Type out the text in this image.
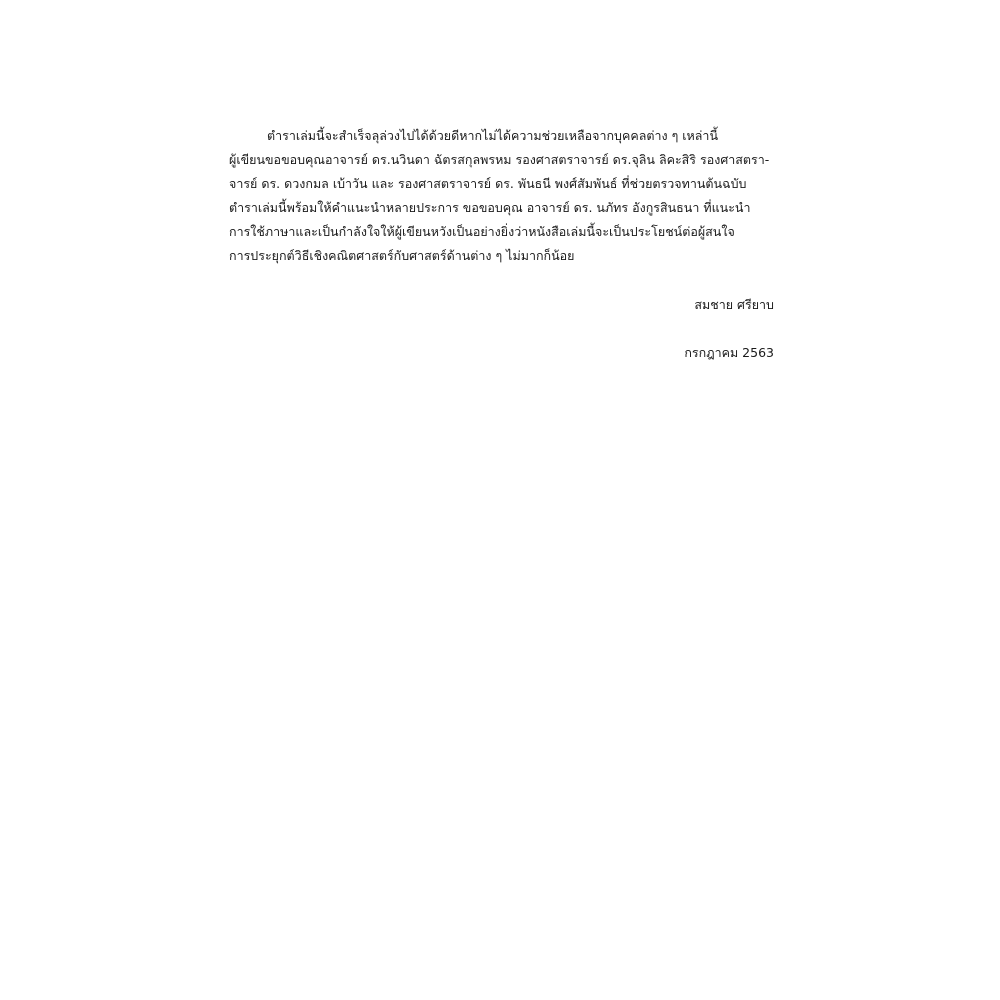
ตำราเล่มนี้จะสำเร็จลุล่วงไปได้ด้วยดีหากไม่ได้ความช่วยเหลือจากบุคคลต่าง ๆ เหล่านี้
ผู้เขียนขอขอบคุณอาจารย์ ดร.นวินดา ฉัตรสกุลพรหม รองศาสตราจารย์ ดร.จุลิน ลิคะสิริ รองศาสตรา-
จารย์ ดร. ดวงกมล เบ้าวัน และ รองศาสตราจารย์ ดร. พันธนี พงศ์สัมพันธ์ ที่ช่วยตรวจทานต้นฉบับ
ตำราเล่มนี้พร้อมให้คำแนะนำหลายประการ ขอขอบคุณ อาจารย์ ดร. นภัทร อังกูรสินธนา ที่แนะนำ
การใช้ภาษาและเป็นกำลังใจให้ผู้เขียนหวังเป็นอย่างยิ่งว่าหนังสือเล่มนี้จะเป็นประโยชน์ต่อผู้สนใจ
การประยุกต์วิธีเชิงคณิตศาสตร์กับศาสตร์ด้านต่าง ๆ ไม่มากก็น้อย
สมชาย ศรียาบ
กรกฎาคม 2563
